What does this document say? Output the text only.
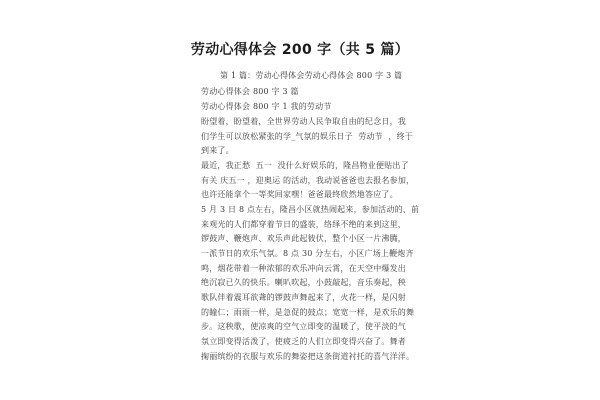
劳动心得体会 200 字（共 5 篇）
第 1 篇：劳动心得体会劳动心得体会 800 字 3 篇
劳动心得体会 800 字 3 篇
劳动心得体会 800 字 1 我的劳动节
盼望着，盼望着，全世界劳动人民争取自由的纪念日，我
们学生可以放松紧张的学_气氛的娱乐日子  劳动节  ，终于
到来了。
最近，我正愁  五一  没什么好娱乐的，隆昌物业便贴出了
有关 庆五一 ，迎奥运 的活动，我动说爸爸也去报名参加，
也许还能拿个一等奖回家嘿！爸爸最终欣然地答应了。
5 月 3 日 8 点左右，隆昌小区就热闹起来，参加活动的、前
来观光的人们都穿着节日的盛装，络绎不绝的来到这里，
锣鼓声、鞭炮声、欢乐声此起彼伏，整个小区一片沸腾，
一派节日的欢乐气氛。8 点 30 分左右，小区广场上鞭炮齐
鸣，烟花带着一种浓郁的欢乐冲向云霄，在天空中爆发出
绝沉寂已久的快乐。喇叭吹起，小鼓敲起，音乐奏起，秧
歌队伴着震耳欲聋的锣鼓声舞起来了，火花一样，是闪射
的瞳仁；雨雨一样，是急促的鼓点；宽宽一样，是欢乐的舞
步。这秧歌，使凉爽的空气立即变的温暖了，使平淡的气
氛立即变得活泼了，使疲乏的人们立即变得兴奋了。舞者
掬丽缤纷的衣服与欢乐的舞姿把这条街道衬托的喜气洋洋。
